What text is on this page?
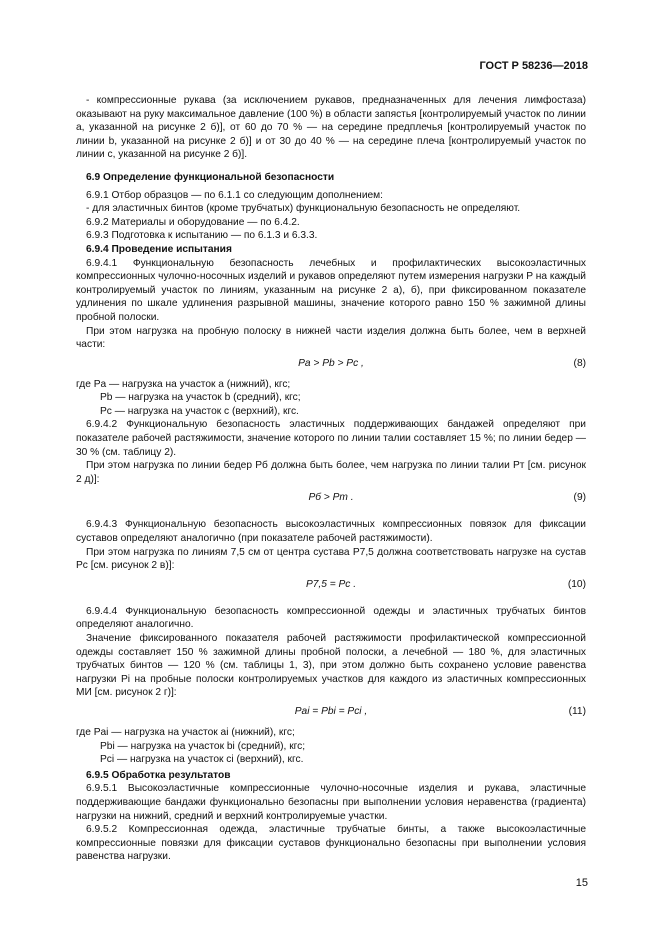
ГОСТ Р 58236—2018

- компрессионные рукава (за исключением рукавов, предназначенных для лечения лимфостаза) оказывают на руку максимальное давление (100 %) в области запястья [контролируемый участок по линии a, указанной на рисунке 2 б)], от 60 до 70 % — на середине предплечья [контролируемый участок по линии b, указанной на рисунке 2 б)] и от 30 до 40 % — на середине плеча [контролируемый участок по линии c, указанной на рисунке 2 б)].

6.9 Определение функциональной безопасности

6.9.1 Отбор образцов — по 6.1.1 со следующим дополнением:

- для эластичных бинтов (кроме трубчатых) функциональную безопасность не определяют.

6.9.2 Материалы и оборудование — по 6.4.2.

6.9.3 Подготовка к испытанию — по 6.1.3 и 6.3.3.

6.9.4 Проведение испытания

6.9.4.1 Функциональную безопасность лечебных и профилактических высокоэластичных компрессионных чулочно-носочных изделий и рукавов определяют путем измерения нагрузки P на каждый контролируемый участок по линиям, указанным на рисунке 2 а), б), при фиксированном показателе удлинения по шкале удлинения разрывной машины, значение которого равно 150 % зажимной длины пробной полоски.

При этом нагрузка на пробную полоску в нижней части изделия должна быть более, чем в верхней части:

Pa > Pb > Pc ,	(8)
где Pa — нагрузка на участок a (нижний), кгс;
Pb — нагрузка на участок b (средний), кгс;
Pc — нагрузка на участок c (верхний), кгс.

6.9.4.2 Функциональную безопасность эластичных поддерживающих бандажей определяют при показателе рабочей растяжимости, значение которого по линии талии составляет 15 %; по линии бедер — 30 % (см. таблицу 2).

При этом нагрузка по линии бедер Pб должна быть более, чем нагрузка по линии талии Pт [см. рисунок 2 д)]:

Pб > Pт .	(9)

6.9.4.3 Функциональную безопасность высокоэластичных компрессионных повязок для фиксации суставов определяют аналогично (при показателе рабочей растяжимости).

При этом нагрузка по линиям 7,5 см от центра сустава P7,5 должна соответствовать нагрузке на сустав Pc [см. рисунок 2 в)]:

P7,5 = Pc .	(10)

6.9.4.4 Функциональную безопасность компрессионной одежды и эластичных трубчатых бинтов определяют аналогично.

Значение фиксированного показателя рабочей растяжимости профилактической компрессионной одежды составляет 150 % зажимной длины пробной полоски, а лечебной — 180 %, для эластичных трубчатых бинтов — 120 % (см. таблицы 1, 3), при этом должно быть сохранено условие равенства нагрузки Pi на пробные полоски контролируемых участков для каждого из эластичных компрессионных МИ [см. рисунок 2 г)]:

Pai = Pbi = Pci ,	(11)
где Pai — нагрузка на участок ai (нижний), кгс;
Pbi — нагрузка на участок bi (средний), кгс;
Pci — нагрузка на участок ci (верхний), кгс.

6.9.5 Обработка результатов

6.9.5.1 Высокоэластичные компрессионные чулочно-носочные изделия и рукава, эластичные поддерживающие бандажи функционально безопасны при выполнении условия неравенства (градиента) нагрузки на нижний, средний и верхний контролируемые участки.

6.9.5.2 Компрессионная одежда, эластичные трубчатые бинты, а также высокоэластичные компрессионные повязки для фиксации суставов функционально безопасны при выполнении условия равенства нагрузки.

15
